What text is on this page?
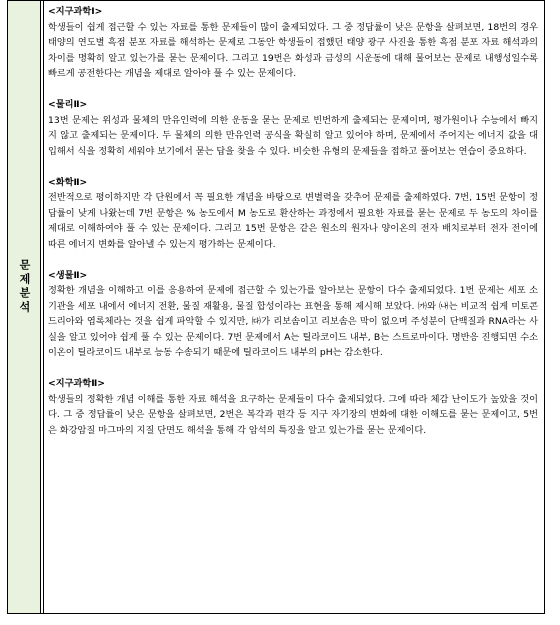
문제분석
<지구과학Ⅰ>
학생들이 쉽게 접근할 수 있는 자료를 통한 문제들이 많이 출제되었다. 그 중 정답률이 낮은 문항을 살펴보면, 18번의 경우 태양의 연도별 흑점 분포 자료를 해석하는 문제로 그동안 학생들이 접했던 태양 광구 사진을 통한 흑점 분포 자료 해석과의 차이를 명확히 알고 있는가를 묻는 문제이다. 그리고 19번은 화성과 금성의 시운동에 대해 물어보는 문제로 내행성일수록 빠르게 공전한다는 개념을 제대로 알아야 풀 수 있는 문제이다.
<물리Ⅱ>
13번 문제는 위성과 물체의 만유인력에 의한 운동을 묻는 문제로 빈번하게 출제되는 문제이며, 평가원이나 수능에서 빠지지 않고 출제되는 문제이다. 두 물체의 의한 만유인력 공식을 확실히 알고 있어야 하며, 문제에서 주어지는 에너지 값을 대입해서 식을 정확히 세워야 보기에서 묻는 답을 찾을 수 있다. 비슷한 유형의 문제들을 접하고 풀어보는 연습이 중요하다.
<화학Ⅱ>
전반적으로 평이하지만 각 단원에서 꼭 필요한 개념을 바탕으로 변별력을 갖추어 문제를 출제하였다. 7번, 15번 문항이 정답률이 낮게 나왔는데 7번 문항은 % 농도에서 M 농도로 환산하는 과정에서 필요한 자료를 묻는 문제로 두 농도의 차이를 제대로 이해하여야 풀 수 있는 문제이다. 그리고 15번 문항은 같은 원소의 원자나 양이온의 전자 배치로부터 전자 전이에 따른 에너지 변화를 알아낼 수 있는지 평가하는 문제이다.
<생물Ⅱ>
정확한 개념을 이해하고 이를 응용하여 문제에 접근할 수 있는가를 알아보는 문항이 다수 출제되었다. 1번 문제는 세포 소기관을 세포 내에서 에너지 전환, 물질 재활용, 물질 합성이라는 표현을 통해 제시해 보았다. ㈎와 ㈏는 비교적 쉽게 미토콘드리아와 엽록체라는 것을 쉽게 파악할 수 있지만, ㈐가 리보솜이고 리보솜은 막이 없으며 주성분이 단백질과 RNA라는 사실을 알고 있어야 쉽게 풀 수 있는 문제이다. 7번 문제에서 A는 틸라코이드 내부, B는 스트로마이다. 명반응 진행되면 수소 이온이 틸라코이드 내부로 능동 수송되기 때문에 틸라코이드 내부의 pH는 감소한다.
<지구과학Ⅱ>
학생들의 정확한 개념 이해를 통한 자료 해석을 요구하는 문제들이 다수 출제되었다. 그에 따라 체감 난이도가 높았을 것이다. 그 중 정답률이 낮은 문항을 살펴보면, 2번은 복각과 편각 등 지구 자기장의 변화에 대한 이해도를 묻는 문제이고, 5번은 화강암질 마그마의 지질 단면도 해석을 통해 각 암석의 특징을 알고 있는가를 묻는 문제이다.
